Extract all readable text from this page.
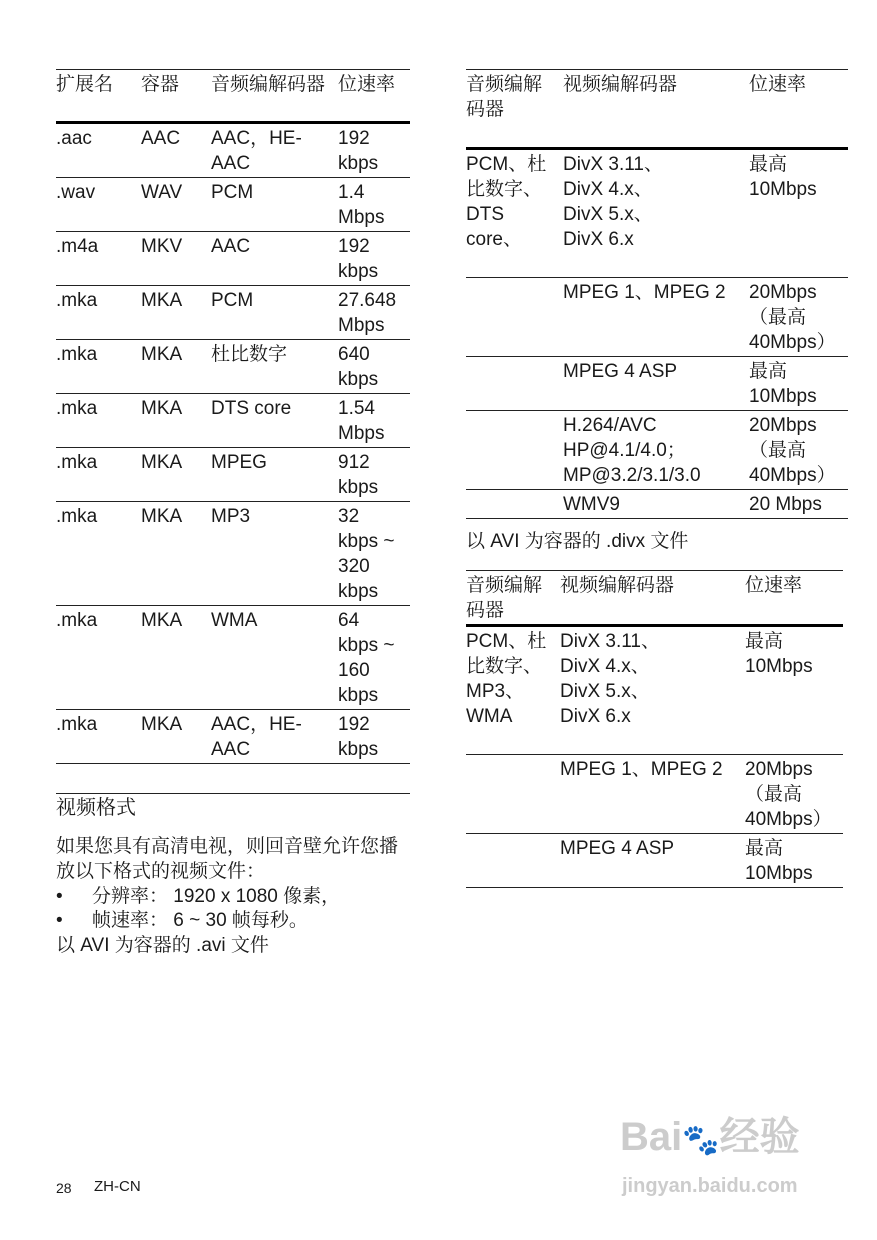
扩展名	容器	音频编解码器	位速率
.aac	AAC	AAC，HE-AAC	192 kbps
.wav	WAV	PCM	1.4 Mbps
.m4a	MKV	AAC	192 kbps
.mka	MKA	PCM	27.648 Mbps
.mka	MKA	杜比数字	640 kbps
.mka	MKA	DTS core	1.54 Mbps
.mka	MKA	MPEG	912 kbps
.mka	MKA	MP3	32 kbps ~ 320 kbps
.mka	MKA	WMA	64 kbps ~ 160 kbps
.mka	MKA	AAC，HE-AAC	192 kbps
视频格式
如果您具有高清电视，则回音壁允许您播放以下格式的视频文件：
• 分辨率： 1920 x 1080 像素，
• 帧速率： 6 ~ 30 帧每秒。
以 AVI 为容器的 .avi 文件
音频编解码器	视频编解码器	位速率
PCM、杜比数字、DTS core、	DivX 3.11、
DivX 4.x、
DivX 5.x、
DivX 6.x	最高 10Mbps
	MPEG 1、MPEG 2	20Mbps（最高 40Mbps）
	MPEG 4 ASP	最高 10Mbps
	H.264/AVC HP@4.1/4.0；MP@3.2/3.1/3.0	20Mbps（最高 40Mbps）
	WMV9	20 Mbps
以 AVI 为容器的 .divx 文件
音频编解码器	视频编解码器	位速率
PCM、杜比数字、MP3、WMA	DivX 3.11、
DivX 4.x、
DivX 5.x、
DivX 6.x	最高 10Mbps
	MPEG 1、MPEG 2	20Mbps（最高 40Mbps）
	MPEG 4 ASP	最高 10Mbps
28 ZH-CN
Bai🐾经验
jingyan.baidu.com
